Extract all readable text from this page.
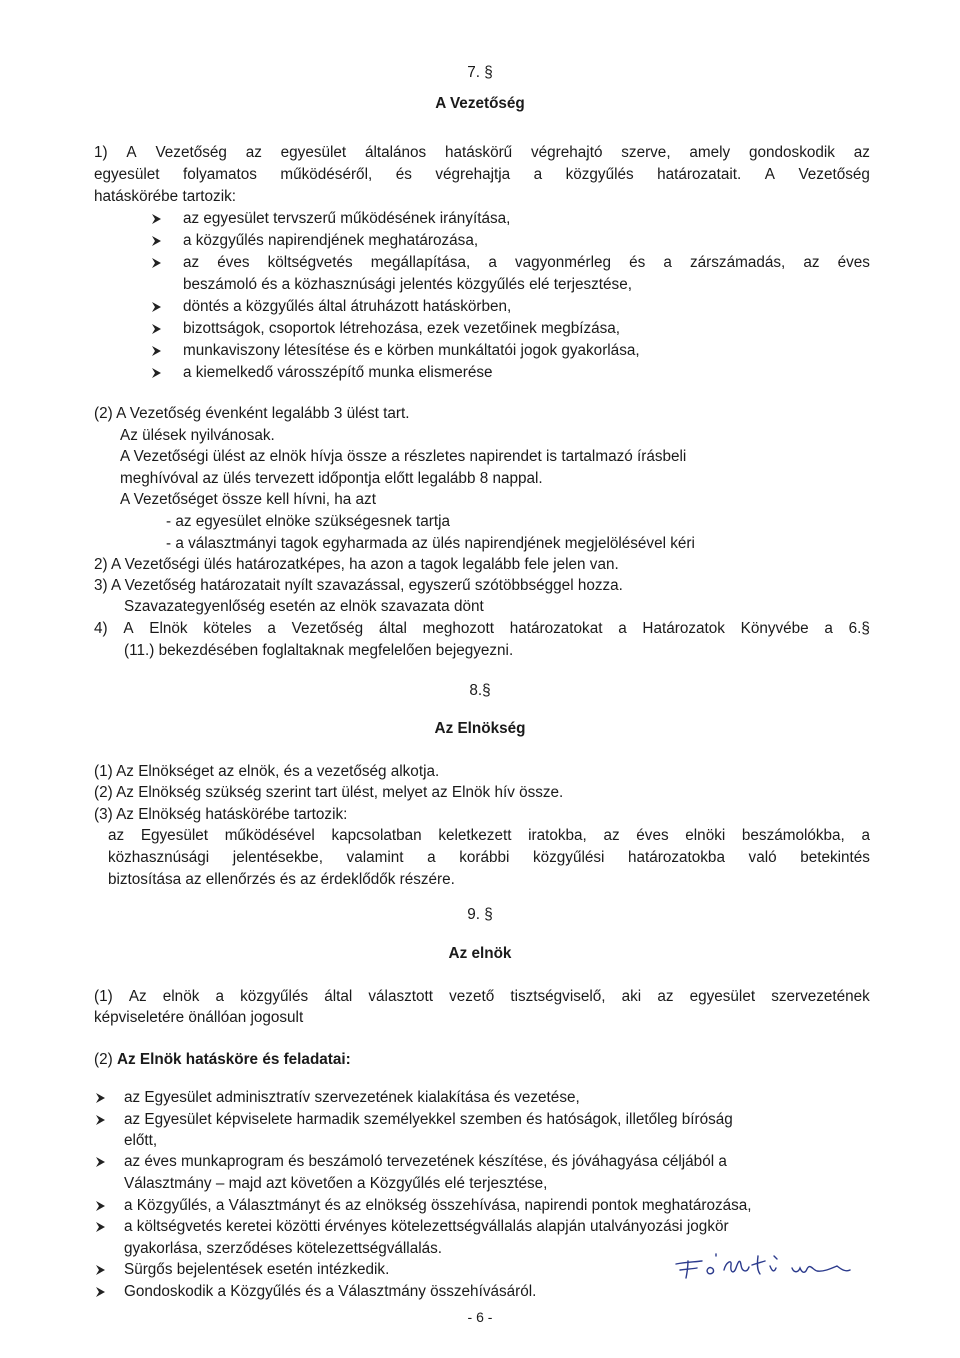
7. §
A Vezetőség
1) A Vezetőség az egyesület általános hatáskörű végrehajtó szerve, amely gondoskodik az
egyesület folyamatos működéséről, és végrehajtja a közgyűlés határozatait. A Vezetőség
hatáskörébe tartozik:
az egyesület tervszerű működésének irányítása,
a közgyűlés napirendjének meghatározása,
az éves költségvetés megállapítása, a vagyonmérleg és a zárszámadás, az éves
beszámoló és a közhasznúsági jelentés közgyűlés elé terjesztése,
döntés a közgyűlés által átruházott hatáskörben,
bizottságok, csoportok létrehozása, ezek vezetőinek megbízása,
munkaviszony létesítése és e körben munkáltatói jogok gyakorlása,
a kiemelkedő városszépítő munka elismerése
(2) A Vezetőség évenként legalább 3 ülést tart.
Az ülések nyilvánosak.
A Vezetőségi ülést az elnök hívja össze a részletes napirendet is tartalmazó írásbeli
meghívóval az ülés tervezett időpontja előtt legalább 8 nappal.
A Vezetőséget össze kell hívni, ha azt
- az egyesület elnöke szükségesnek tartja
- a választmányi tagok egyharmada az ülés napirendjének megjelölésével kéri
2) A Vezetőségi ülés határozatképes, ha azon a tagok legalább fele jelen van.
3) A Vezetőség határozatait nyílt szavazással, egyszerű szótöbbséggel hozza.
Szavazategyenlőség esetén az elnök szavazata dönt
4) A Elnök köteles a Vezetőség által meghozott határozatokat a Határozatok Könyvébe a 6.§
(11.) bekezdésében foglaltaknak megfelelően bejegyezni.
8.§
Az Elnökség
(1) Az Elnökséget az elnök, és a vezetőség alkotja.
(2) Az Elnökség szükség szerint tart ülést, melyet az Elnök hív össze.
(3) Az Elnökség hatáskörébe tartozik:
az Egyesület működésével kapcsolatban keletkezett iratokba, az éves elnöki beszámolókba, a
közhasznúsági jelentésekbe, valamint a korábbi közgyűlési határozatokba való betekintés
biztosítása az ellenőrzés és az érdeklődők részére.
9. §
Az elnök
(1) Az elnök a közgyűlés által választott vezető tisztségviselő, aki az egyesület szervezetének
képviseletére önállóan jogosult
(2) Az Elnök hatásköre és feladatai:
az Egyesület adminisztratív szervezetének kialakítása és vezetése,
az Egyesület képviselete harmadik személyekkel szemben és hatóságok, illetőleg bíróság
előtt,
az éves munkaprogram és beszámoló tervezetének készítése, és jóváhagyása céljából a
Választmány – majd azt követően a Közgyűlés elé terjesztése,
a Közgyűlés, a Választmányt és az elnökség összehívása, napirendi pontok meghatározása,
a költségvetés keretei közötti érvényes kötelezettségvállalás alapján utalványozási jogkör
gyakorlása, szerződéses kötelezettségvállalás.
Sürgős bejelentések esetén intézkedik.
Gondoskodik a Közgyűlés és a Választmány összehívásáról.
- 6 -
